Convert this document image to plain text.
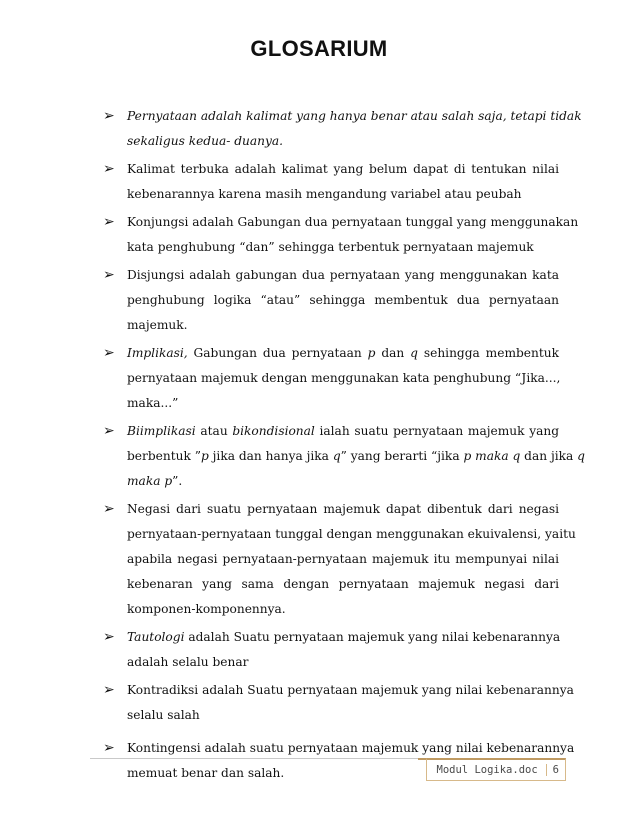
GLOSARIUM
➢ Pernyataan adalah kalimat yang hanya benar atau salah saja, tetapi tidak
sekaligus kedua- duanya.
➢ Kalimat terbuka adalah kalimat yang belum dapat di tentukan nilai
kebenarannya karena masih mengandung variabel atau peubah
➢ Konjungsi adalah Gabungan dua pernyataan tunggal yang menggunakan
kata penghubung “dan” sehingga terbentuk pernyataan majemuk
➢ Disjungsi adalah gabungan dua pernyataan yang menggunakan kata
penghubung logika “atau” sehingga membentuk dua pernyataan
majemuk.
➢ Implikasi, Gabungan dua pernyataan p dan q sehingga membentuk
pernyataan majemuk dengan menggunakan kata penghubung “Jika...,
maka...”
➢ Biimplikasi atau bikondisional ialah suatu pernyataan majemuk yang
berbentuk ”p jika dan hanya jika q” yang berarti “jika p maka q dan jika q
maka p”.
➢ Negasi dari suatu pernyataan majemuk dapat dibentuk dari negasi
pernyataan-pernyataan tunggal dengan menggunakan ekuivalensi, yaitu
apabila negasi pernyataan-pernyataan majemuk itu mempunyai nilai
kebenaran yang sama dengan pernyataan majemuk negasi dari
komponen-komponennya.
➢ Tautologi adalah Suatu pernyataan majemuk yang nilai kebenarannya
adalah selalu benar
➢ Kontradiksi adalah Suatu pernyataan majemuk yang nilai kebenarannya
selalu salah
➢ Kontingensi adalah suatu pernyataan majemuk yang nilai kebenarannya
memuat benar dan salah.	Modul Logika.doc	6
